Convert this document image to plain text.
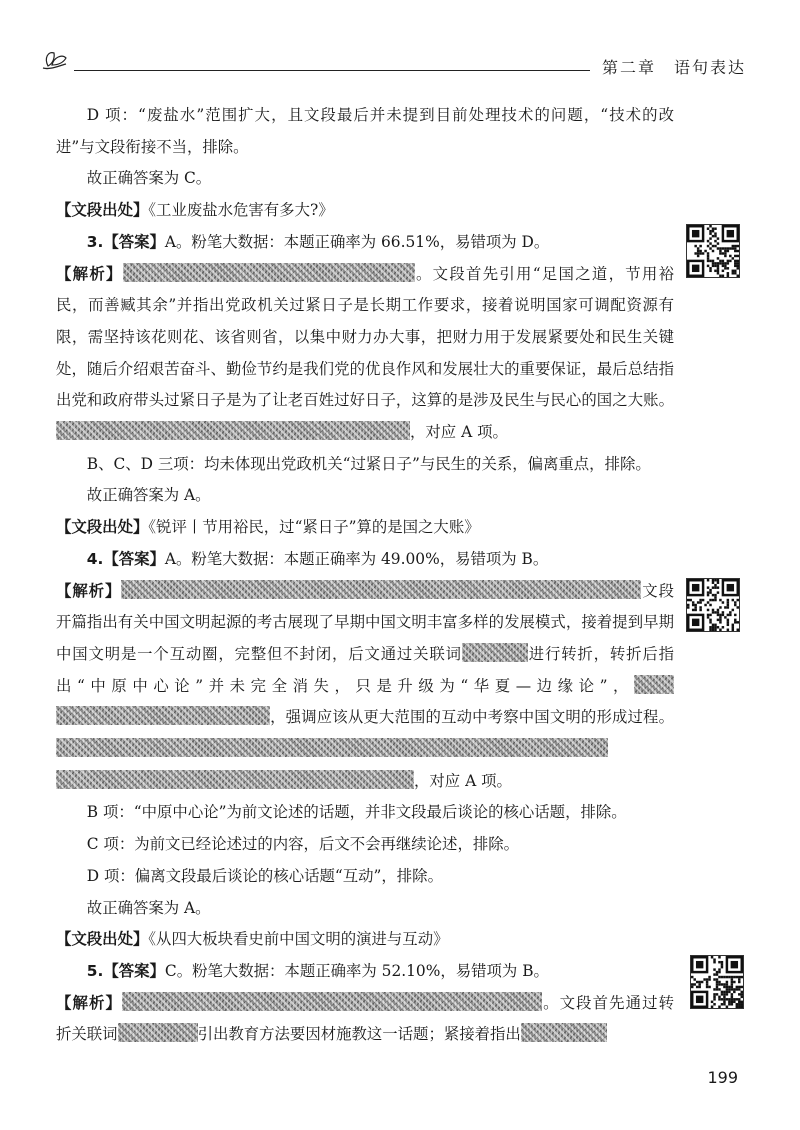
第二章 语句表达

D 项：“废盐水”范围扩大，且文段最后并未提到目前处理技术的问题，“技术的改进”与文段衔接不当，排除。

故正确答案为 C。

【文段出处】《工业废盐水危害有多大?》

3.【答案】A。粉笔大数据：本题正确率为 66.51%，易错项为 D。

【解析】	。文段首先引用“足国之道，节用裕民，而善臧其余”并指出党政机关过紧日子是长期工作要求，接着说明国家可调配资源有限，需坚持该花则花、该省则省，以集中财力办大事，把财力用于发展紧要处和民生关键处，随后介绍艰苦奋斗、勤俭节约是我们党的优良作风和发展壮大的重要保证，最后总结指出党和政府带头过紧日子是为了让老百姓过好日子，这算的是涉及民生与民心的国之大账。，对应 A 项。

B、C、D 三项：均未体现出党政机关“过紧日子”与民生的关系，偏离重点，排除。

故正确答案为 A。

【文段出处】《锐评丨节用裕民，过“紧日子”算的是国之大账》

4.【答案】A。粉笔大数据：本题正确率为 49.00%，易错项为 B。

【解析】	文段开篇指出有关中国文明起源的考古展现了早期中国文明丰富多样的发展模式，接着提到早期中国文明是一个互动圈，完整但不封闭，后文通过关联词	进行转折，转折后指出“中原中心论”并未完全消失，只是升级为“华夏—边缘论”，，强调应该从更大范围的互动中考察中国文明的形成过程。，对应 A 项。

B 项：“中原中心论”为前文论述的话题，并非文段最后谈论的核心话题，排除。

C 项：为前文已经论述过的内容，后文不会再继续论述，排除。

D 项：偏离文段最后谈论的核心话题“互动”，排除。

故正确答案为 A。

【文段出处】《从四大板块看史前中国文明的演进与互动》

5.【答案】C。粉笔大数据：本题正确率为 52.10%，易错项为 B。

【解析】	。文段首先通过转折关联词	引出教育方法要因材施教这一话题；紧接着指出

199
